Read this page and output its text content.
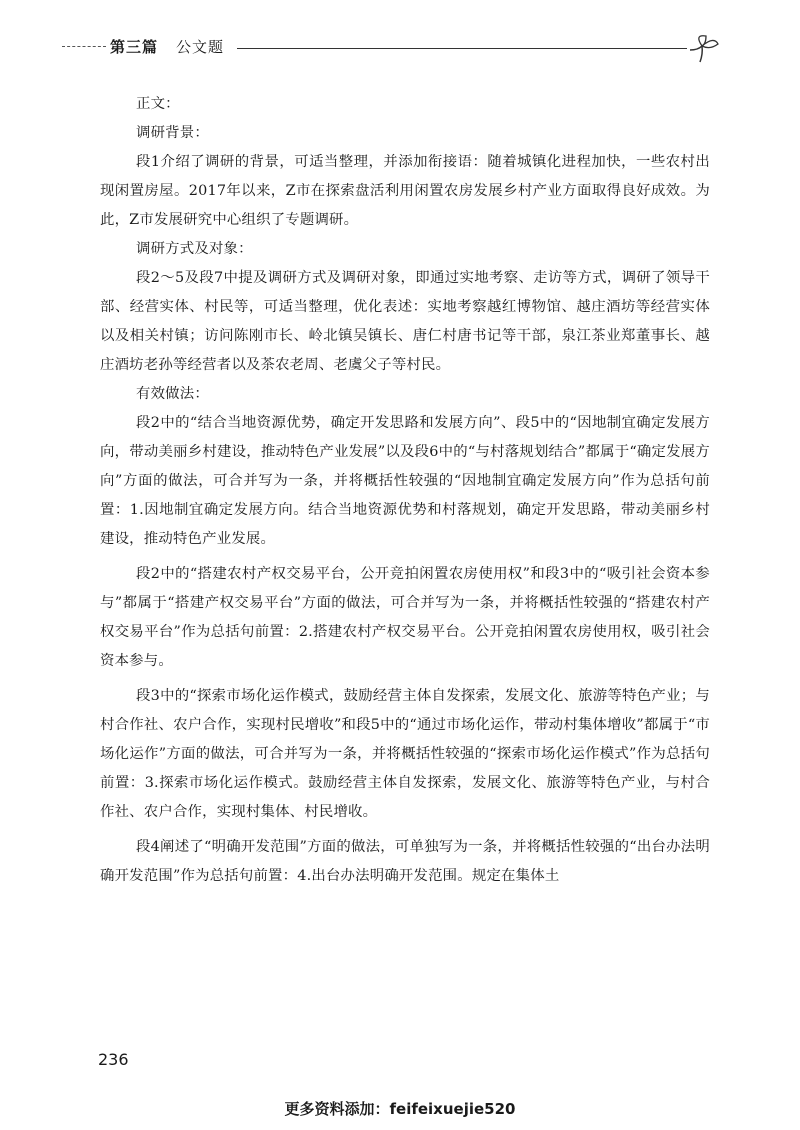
第三篇 公文题

正文：

调研背景：

段1介绍了调研的背景，可适当整理，并添加衔接语：随着城镇化进程加快，一些农村出现闲置房屋。2017年以来，Z市在探索盘活利用闲置农房发展乡村产业方面取得良好成效。为此，Z市发展研究中心组织了专题调研。

调研方式及对象：

段2～5及段7中提及调研方式及调研对象，即通过实地考察、走访等方式，调研了领导干部、经营实体、村民等，可适当整理，优化表述：实地考察越红博物馆、越庄酒坊等经营实体以及相关村镇；访问陈刚市长、岭北镇吴镇长、唐仁村唐书记等干部，泉江茶业郑董事长、越庄酒坊老孙等经营者以及茶农老周、老虞父子等村民。

有效做法：

段2中的“结合当地资源优势，确定开发思路和发展方向”、段5中的“因地制宜确定发展方向，带动美丽乡村建设，推动特色产业发展”以及段6中的“与村落规划结合”都属于“确定发展方向”方面的做法，可合并写为一条，并将概括性较强的“因地制宜确定发展方向”作为总括句前置：1.因地制宜确定发展方向。结合当地资源优势和村落规划，确定开发思路，带动美丽乡村建设，推动特色产业发展。

段2中的“搭建农村产权交易平台，公开竞拍闲置农房使用权”和段3中的“吸引社会资本参与”都属于“搭建产权交易平台”方面的做法，可合并写为一条，并将概括性较强的“搭建农村产权交易平台”作为总括句前置：2.搭建农村产权交易平台。公开竞拍闲置农房使用权，吸引社会资本参与。

段3中的“探索市场化运作模式，鼓励经营主体自发探索，发展文化、旅游等特色产业；与村合作社、农户合作，实现村民增收”和段5中的“通过市场化运作，带动村集体增收”都属于“市场化运作”方面的做法，可合并写为一条，并将概括性较强的“探索市场化运作模式”作为总括句前置：3.探索市场化运作模式。鼓励经营主体自发探索，发展文化、旅游等特色产业，与村合作社、农户合作，实现村集体、村民增收。

段4阐述了“明确开发范围”方面的做法，可单独写为一条，并将概括性较强的“出台办法明确开发范围”作为总括句前置：4.出台办法明确开发范围。规定在集体土

236
更多资料添加：feifeixuejie520
